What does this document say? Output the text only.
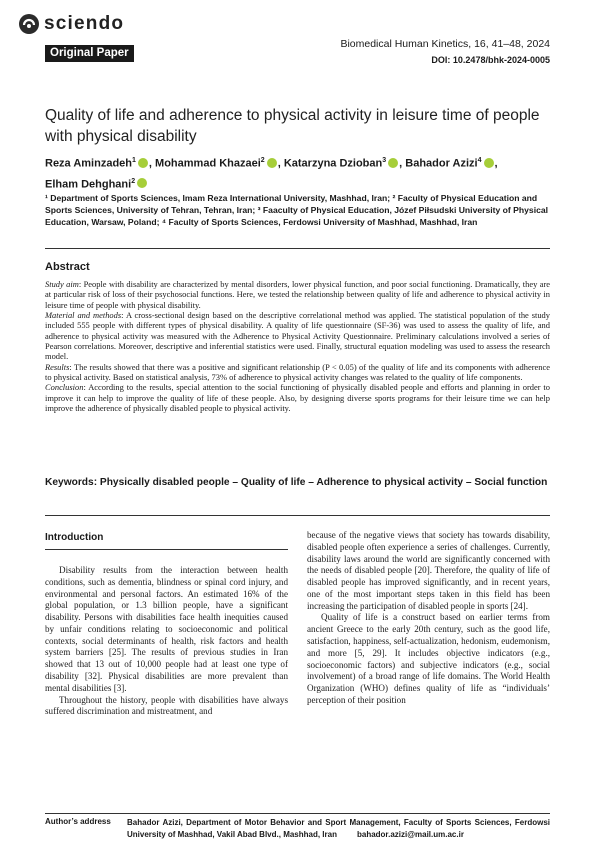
sciendo
Original Paper
Biomedical Human Kinetics, 16, 41–48, 2024
DOI: 10.2478/bhk-2024-0005
Quality of life and adherence to physical activity in leisure time of people with physical disability
Reza Aminzadeh$^1$ , Mohammad Khazaei$^2$ , Katarzyna Dzioban$^3$ , Bahador Azizi$^4$ ,
Elham Dehghani$^2$
¹ Department of Sports Sciences, Imam Reza International University, Mashhad, Iran; ² Faculty of Physical Education and Sports Sciences, University of Tehran, Tehran, Iran; ³ Faaculty of Physical Education, Józef Piłsudski University of Physical Education, Warsaw, Poland; ⁴ Faculty of Sports Sciences, Ferdowsi University of Mashhad, Mashhad, Iran
Abstract

Study aim: People with disability are characterized by mental disorders, lower physical function, and poor social functioning. Dramatically, they are at particular risk of loss of their psychosocial functions. Here, we tested the relationship between quality of life and adherence to physical activity in leisure time of people with physical disability.

Material and methods: A cross-sectional design based on the descriptive correlational method was applied. The statistical population of the study included 555 people with different types of physical disability. A quality of life questionnaire (SF-36) was used to assess the quality of life, and adherence to physical activity was measured with the Adherence to Physical Activity Questionnaire. Preliminary calculations involved a series of Pearson correlations. Moreover, descriptive and inferential statistics were used. Finally, structural equation modeling was used to assess the research model.

Results: The results showed that there was a positive and significant relationship (P < 0.05) of the quality of life and its components with adherence to physical activity. Based on statistical analysis, 73% of adherence to physical activity changes was related to the quality of life components.

Conclusion: According to the results, special attention to the social functioning of physically disabled people and efforts and planning in order to improve it can help to improve the quality of life of these people. Also, by designing diverse sports programs for their leisure time we can help improve the adherence of physically disabled people to physical activity.

Keywords: Physically disabled people – Quality of life – Adherence to physical activity – Social function
Introduction

Disability results from the interaction between health conditions, such as dementia, blindness or spinal cord injury, and environmental and personal factors. An estimated 16% of the global population, or 1.3 billion people, have a significant disability. Persons with disabilities face health inequities caused by unfair conditions relating to socioeconomic and political contexts, social determinants of health, risk factors and health system barriers [25]. The results of previous studies in Iran showed that 13 out of 10,000 people had at least one type of disability [32]. Physical disabilities are more prevalent than mental disabilities [3].

Throughout the history, people with disabilities have always suffered discrimination and mistreatment, and

because of the negative views that society has towards disability, disabled people often experience a series of challenges. Currently, disability laws around the world are significantly concerned with the needs of disabled people [20]. Therefore, the quality of life of disabled people has improved significantly, and in recent years, one of the most important steps taken in this field has been increasing the participation of disabled people in sports [24].

Quality of life is a construct based on earlier terms from ancient Greece to the early 20th century, such as the good life, satisfaction, happiness, self-actualization, hedonism, eudemonism, and more [5, 29]. It includes objective indicators (e.g., socioeconomic factors) and subjective indicators (e.g., social involvement) of a broad range of life domains. The World Health Organization (WHO) defines quality of life as “individuals’ perception of their position

Author’s address Bahador Azizi, Department of Motor Behavior and Sport Management, Faculty of Sports Sciences, Ferdowsi University of Mashhad, Vakil Abad Blvd., Mashhad, Iran	bahador.azizi@mail.um.ac.ir
